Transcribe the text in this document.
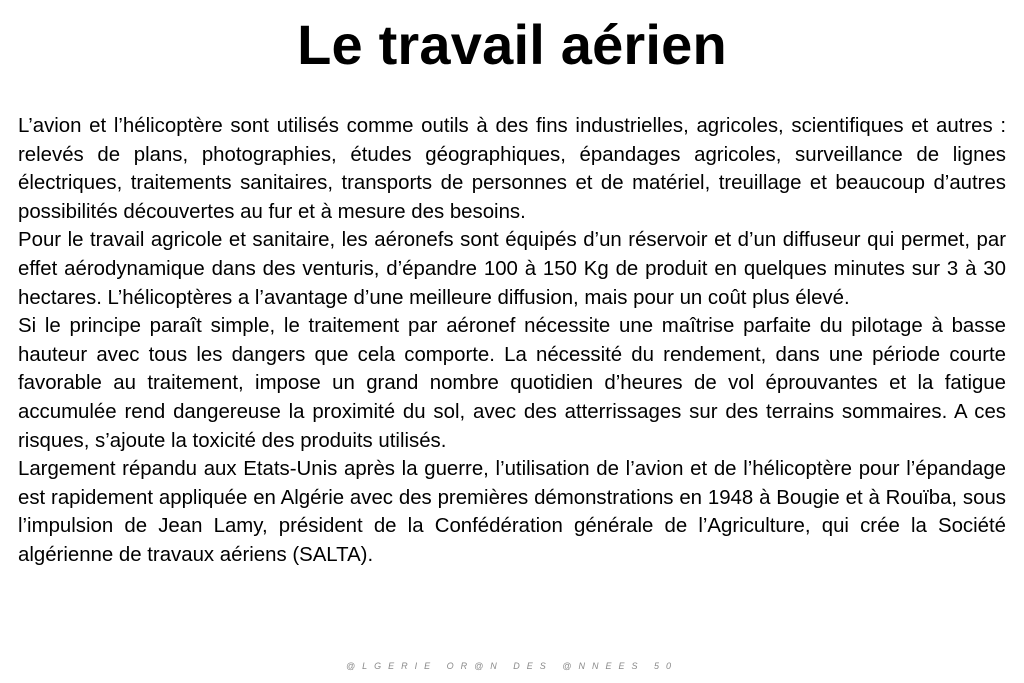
Le travail aérien

L’avion et l’hélicoptère sont utilisés comme outils à des fins industrielles, agricoles, scientifiques et autres : relevés de plans, photographies, études géographiques, épandages agricoles, surveillance de lignes électriques, traitements sanitaires, transports de personnes et de matériel, treuillage et beaucoup d’autres possibilités découvertes au fur et à mesure des besoins.

Pour le travail agricole et sanitaire, les aéronefs sont équipés d’un réservoir et d’un diffuseur qui permet, par effet aérodynamique dans des venturis, d’épandre 100 à 150 Kg de produit en quelques minutes sur 3 à 30 hectares. L’hélicoptères a l’avantage d’une meilleure diffusion, mais pour un coût plus élevé.

Si le principe paraît simple, le traitement par aéronef nécessite une maîtrise parfaite du pilotage à basse hauteur avec tous les dangers que cela comporte. La nécessité du rendement, dans une période courte favorable au traitement, impose un grand nombre quotidien d’heures de vol éprouvantes et la fatigue accumulée rend dangereuse la proximité du sol, avec des atterrissages sur des terrains sommaires. A ces risques, s’ajoute la toxicité des produits utilisés.

Largement répandu aux Etats-Unis après la guerre, l’utilisation de l’avion et de l’hélicoptère pour l’épandage est rapidement appliquée en Algérie avec des premières démonstrations en 1948 à Bougie et à Rouïba, sous l’impulsion de Jean Lamy, président de la Confédération générale de l’Agriculture, qui crée la Société algérienne de travaux aériens (SALTA).

@LGERIE OR@N DES @NNEES 50
